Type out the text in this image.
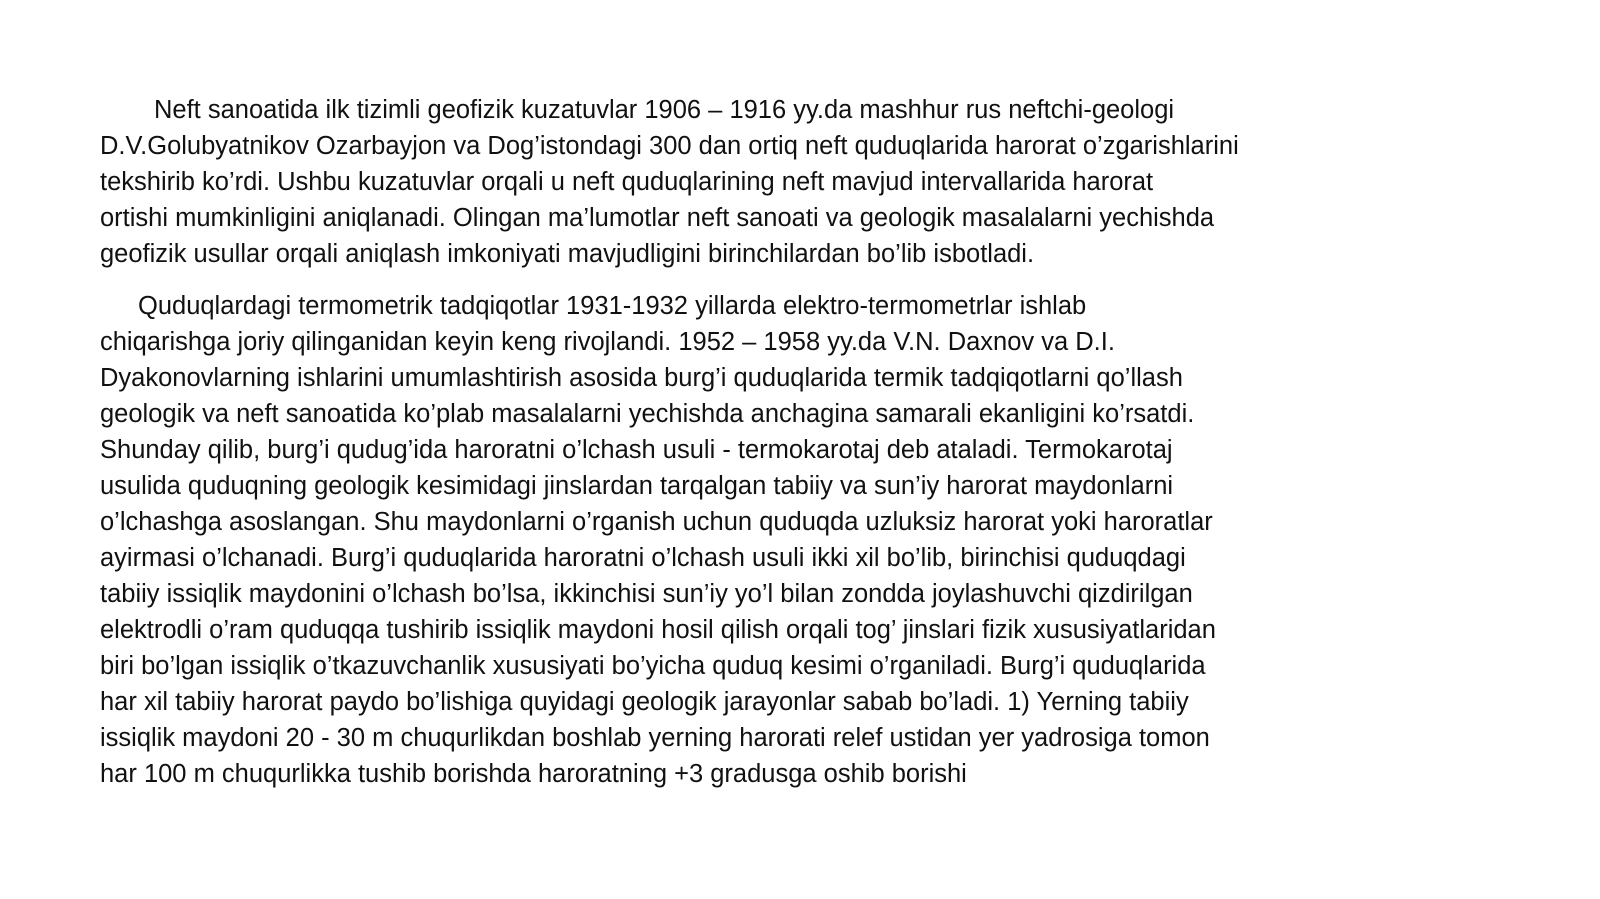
Neft sanoatida ilk tizimli geofizik kuzatuvlar 1906 – 1916 yy.da mashhur rus neftchi-geologi
D.V.Golubyatnikov Ozarbayjon va Dog’istondagi 300 dan ortiq neft quduqlarida harorat o’zgarishlarini
tekshirib ko’rdi. Ushbu kuzatuvlar orqali u neft quduqlarining neft mavjud intervallarida harorat
ortishi mumkinligini aniqlanadi. Olingan ma’lumotlar neft sanoati va geologik masalalarni yechishda
geofizik usullar orqali aniqlash imkoniyati mavjudligini birinchilardan bo’lib isbotladi.
Quduqlardagi termometrik tadqiqotlar 1931-1932 yillarda elektro-termometrlar ishlab
chiqarishga joriy qilinganidan keyin keng rivojlandi. 1952 – 1958 yy.da V.N. Daxnov va D.I.
Dyakonovlarning ishlarini umumlashtirish asosida burg’i quduqlarida termik tadqiqotlarni qo’llash
geologik va neft sanoatida ko’plab masalalarni yechishda anchagina samarali ekanligini ko’rsatdi.
Shunday qilib, burg’i qudug’ida haroratni o’lchash usuli - termokarotaj deb ataladi. Termokarotaj
usulida quduqning geologik kesimidagi jinslardan tarqalgan tabiiy va sun’iy harorat maydonlarni
o’lchashga asoslangan. Shu maydonlarni o’rganish uchun quduqda uzluksiz harorat yoki haroratlar
ayirmasi o’lchanadi. Burg’i quduqlarida haroratni o’lchash usuli ikki xil bo’lib, birinchisi quduqdagi
tabiiy issiqlik maydonini o’lchash bo’lsa, ikkinchisi sun’iy yo’l bilan zondda joylashuvchi qizdirilgan
elektrodli o’ram quduqqa tushirib issiqlik maydoni hosil qilish orqali tog’ jinslari fizik xususiyatlaridan
biri bo’lgan issiqlik o’tkazuvchanlik xususiyati bo’yicha quduq kesimi o’rganiladi. Burg’i quduqlarida
har xil tabiiy harorat paydo bo’lishiga quyidagi geologik jarayonlar sabab bo’ladi. 1) Yerning tabiiy
issiqlik maydoni 20 - 30 m chuqurlikdan boshlab yerning harorati relef ustidan yer yadrosiga tomon
har 100 m chuqurlikka tushib borishda haroratning +3 gradusga oshib borishi
